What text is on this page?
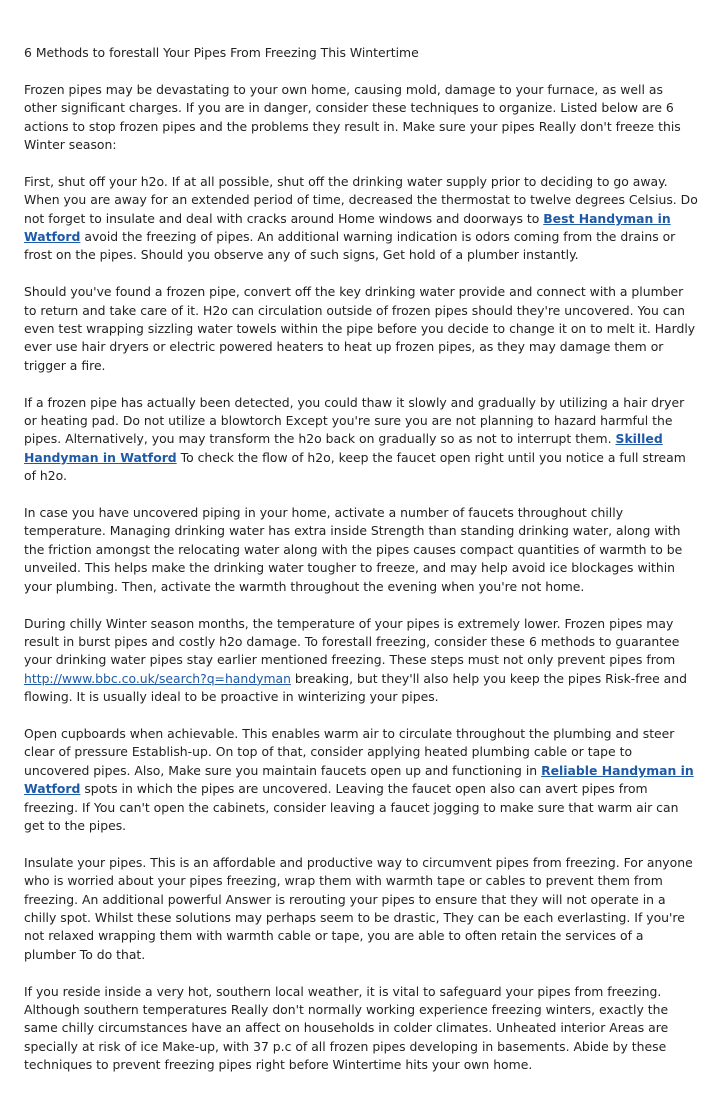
6 Methods to forestall Your Pipes From Freezing This Wintertime

Frozen pipes may be devastating to your own home, causing mold, damage to your furnace, as well as other significant charges. If you are in danger, consider these techniques to organize. Listed below are 6 actions to stop frozen pipes and the problems they result in. Make sure your pipes Really don't freeze this Winter season:

First, shut off your h2o. If at all possible, shut off the drinking water supply prior to deciding to go away. When you are away for an extended period of time, decreased the thermostat to twelve degrees Celsius. Do not forget to insulate and deal with cracks around Home windows and doorways to Best Handyman in Watford avoid the freezing of pipes. An additional warning indication is odors coming from the drains or frost on the pipes. Should you observe any of such signs, Get hold of a plumber instantly.

Should you've found a frozen pipe, convert off the key drinking water provide and connect with a plumber to return and take care of it. H2o can circulation outside of frozen pipes should they're uncovered. You can even test wrapping sizzling water towels within the pipe before you decide to change it on to melt it. Hardly ever use hair dryers or electric powered heaters to heat up frozen pipes, as they may damage them or trigger a fire.

If a frozen pipe has actually been detected, you could thaw it slowly and gradually by utilizing a hair dryer or heating pad. Do not utilize a blowtorch Except you're sure you are not planning to hazard harmful the pipes. Alternatively, you may transform the h2o back on gradually so as not to interrupt them. Skilled Handyman in Watford To check the flow of h2o, keep the faucet open right until you notice a full stream of h2o.

In case you have uncovered piping in your home, activate a number of faucets throughout chilly temperature. Managing drinking water has extra inside Strength than standing drinking water, along with the friction amongst the relocating water along with the pipes causes compact quantities of warmth to be unveiled. This helps make the drinking water tougher to freeze, and may help avoid ice blockages within your plumbing. Then, activate the warmth throughout the evening when you're not home.

During chilly Winter season months, the temperature of your pipes is extremely lower. Frozen pipes may result in burst pipes and costly h2o damage. To forestall freezing, consider these 6 methods to guarantee your drinking water pipes stay earlier mentioned freezing. These steps must not only prevent pipes from http://www.bbc.co.uk/search?q=handyman breaking, but they'll also help you keep the pipes Risk-free and flowing. It is usually ideal to be proactive in winterizing your pipes.

Open cupboards when achievable. This enables warm air to circulate throughout the plumbing and steer clear of pressure Establish-up. On top of that, consider applying heated plumbing cable or tape to uncovered pipes. Also, Make sure you maintain faucets open up and functioning in Reliable Handyman in Watford spots in which the pipes are uncovered. Leaving the faucet open also can avert pipes from freezing. If You can't open the cabinets, consider leaving a faucet jogging to make sure that warm air can get to the pipes.

Insulate your pipes. This is an affordable and productive way to circumvent pipes from freezing. For anyone who is worried about your pipes freezing, wrap them with warmth tape or cables to prevent them from freezing. An additional powerful Answer is rerouting your pipes to ensure that they will not operate in a chilly spot. Whilst these solutions may perhaps seem to be drastic, They can be each everlasting. If you're not relaxed wrapping them with warmth cable or tape, you are able to often retain the services of a plumber To do that.

If you reside inside a very hot, southern local weather, it is vital to safeguard your pipes from freezing. Although southern temperatures Really don't normally working experience freezing winters, exactly the same chilly circumstances have an affect on households in colder climates. Unheated interior Areas are specially at risk of ice Make-up, with 37 p.c of all frozen pipes developing in basements. Abide by these techniques to prevent freezing pipes right before Wintertime hits your own home.
